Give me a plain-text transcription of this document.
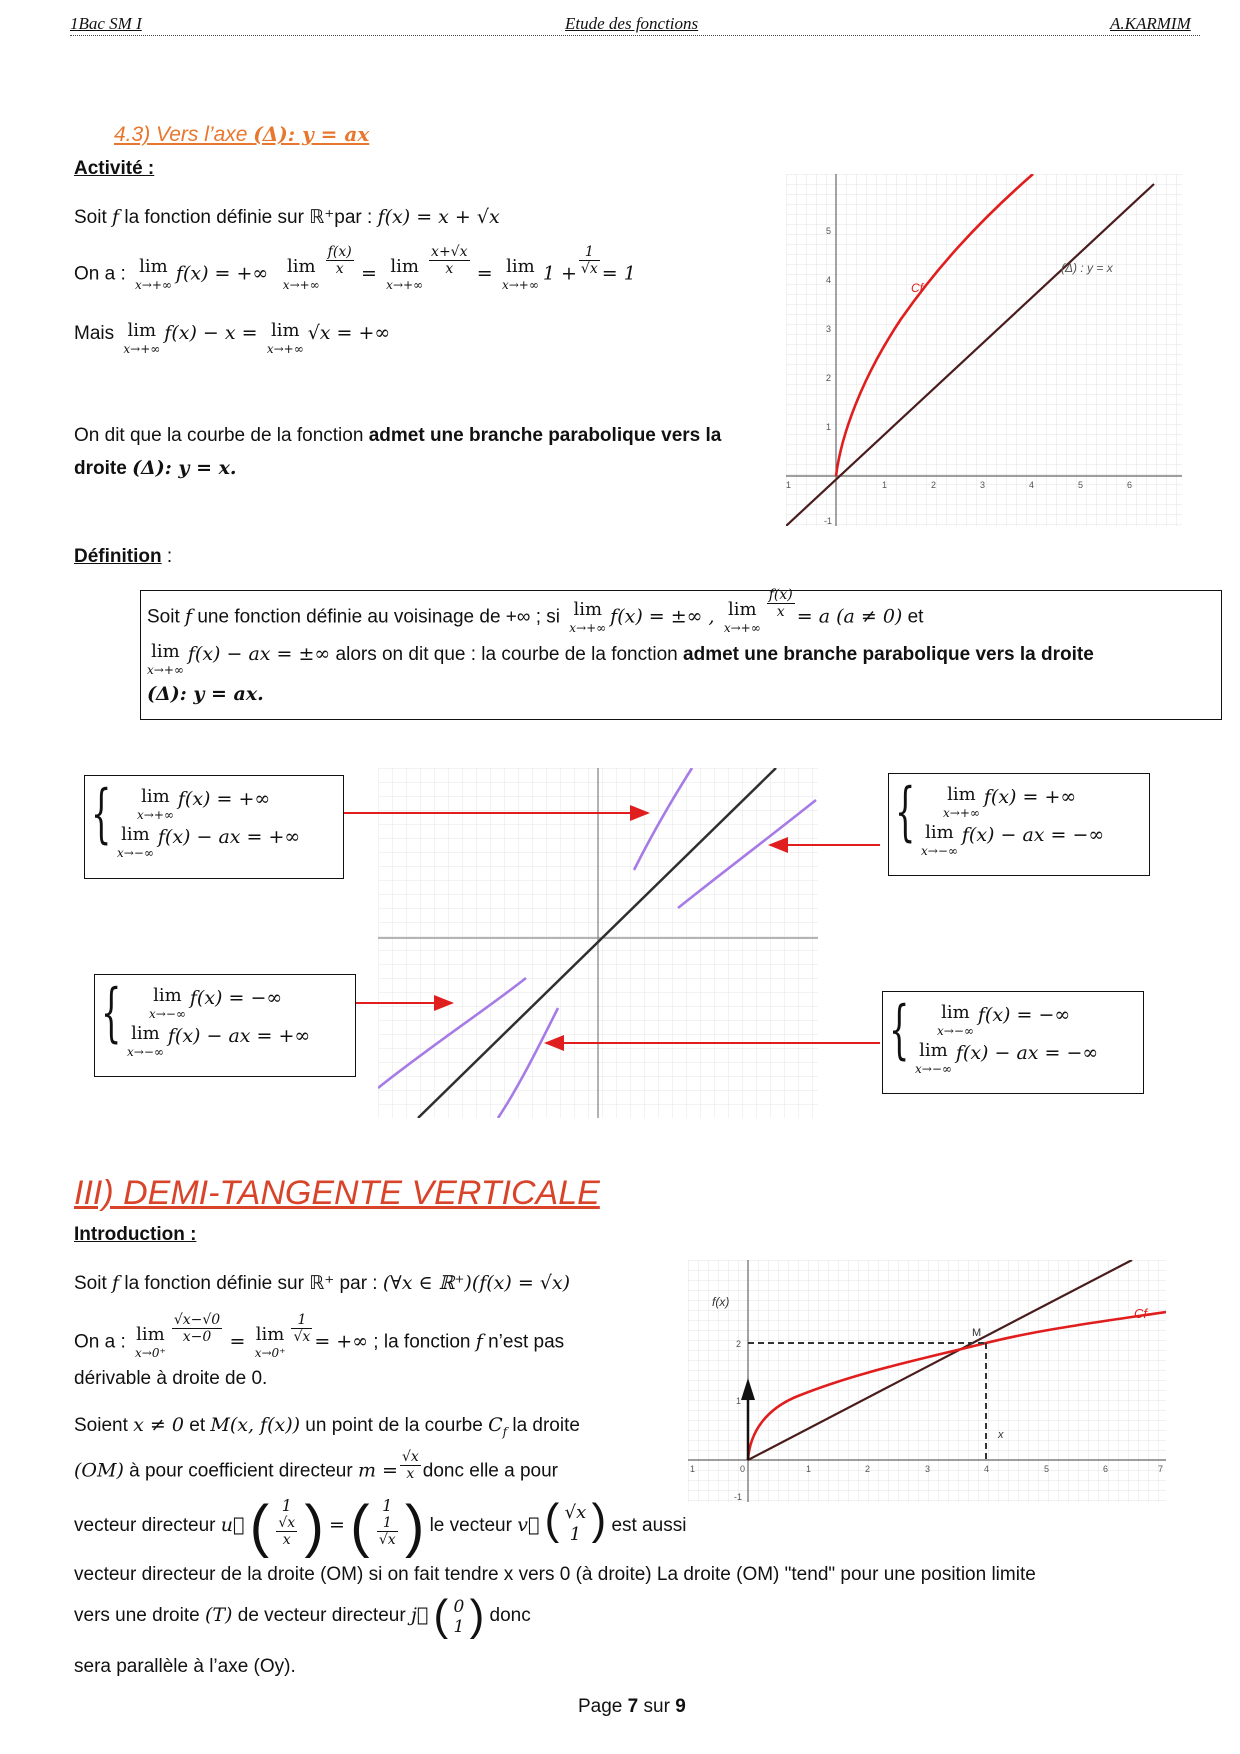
1Bac SM I	Etude des fonctions	A.KARMIM
4.3) Vers l’axe (Δ): y = ax
Activité :
Soit f la fonction définie sur ℝ⁺par : f(x) = x + √x
On a : lim
x→+∞
f(x) = +∞ lim
x→+∞
$\frac{f(x)}{x} = \lim$
x→+∞
$\frac{x+√x}{x} = \lim$
x→+∞
$1 + \frac{1}{√x} = 1$
Mais lim
x→+∞
f(x) − x = lim
x→+∞
√x = +∞
On dit que la courbe de la fonction admet une branche parabolique vers la droite (Δ): y = x.
(Δ) : y = x
Cf
1	2	3	4	5	6
1
1
2
3
4
5
-1
Définition :
Soit f une fonction définie au voisinage de +∞ ; si lim
x→+∞
f(x) = ±∞ , lim
x→+∞
$\frac{f(x)}{x} = a$ (a ≠ 0) et
lim
x→+∞
f(x) − ax = ±∞ alors on dit que : la courbe de la fonction admet une branche parabolique vers la droite
(Δ): y = ax.
{ lim
x→+∞
f(x) = +∞
lim
x→−∞
f(x) − ax = +∞	{ lim
x→+∞
f(x) = +∞
lim
x→−∞
f(x) − ax = −∞
{ lim
x→−∞
f(x) = −∞
lim
x→−∞
f(x) − ax = +∞	{ lim
x→−∞
f(x) = −∞
lim
x→−∞
f(x) − ax = −∞
III) DEMI-TANGENTE VERTICALE
Introduction :
Soit f la fonction définie sur ℝ⁺ par : (∀x ∈ ℝ⁺)(f(x) = √x)
On a : lim
x→0⁺
$\frac{√x-√0}{x-0} = \lim$
x→0⁺
$\frac{1}{√x}$ = +∞ ; la fonction f n’est pas
dérivable à droite de 0.
Soient x ≠ 0 et M(x, f(x)) un point de la courbe $C_f$ la droite
(OM) à pour coefficient directeur $m = \frac{√x}{x}$ donc elle a pour
vecteur directeur u⃗ ( 1
$\frac{√x}{x}$ ) = ( 1
$\frac{1}{√x}$ ) le vecteur v⃗ ( √x
1 ) est aussi
vecteur directeur de la droite (OM) si on fait tendre x vers 0 (à droite) La droite (OM) "tend" pour une position limite
vers une droite (T) de vecteur directeur j⃗ ( 0
1 ) donc
sera parallèle à l’axe (Oy).
f(x)
M
Cf
x
1	2	3	4	5	6	7
1	0
2
1
-1
Page 7 sur 9
